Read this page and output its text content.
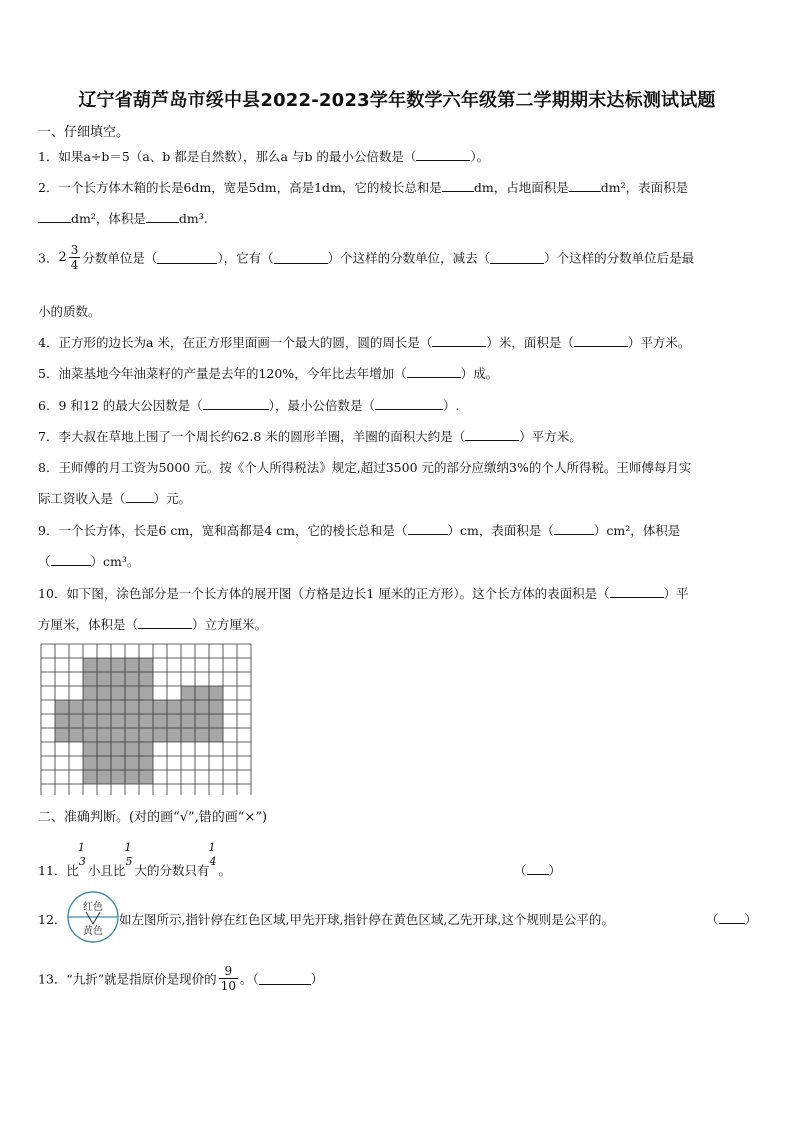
辽宁省葫芦岛市绥中县2022-2023学年数学六年级第二学期期末达标测试试题
一、仔细填空。
1．如果a÷b＝5（a、b 都是自然数），那么a 与b 的最小公倍数是（	）。
2．一个长方体木箱的长是6dm，宽是5dm，高是1dm，它的棱长总和是	dm，占地面积是	dm²，表面积是
dm²，体积是	dm³.
3．$2 \frac{3}{4}$ 分数单位是（	），它有（	）个这样的分数单位，减去（	）个这样的分数单位后是最
小的质数。
4．正方形的边长为a 米，在正方形里面画一个最大的圆，圆的周长是（	）米，面积是（	）平方米。
5．油菜基地今年油菜籽的产量是去年的120%，今年比去年增加（	）成。
6．9 和12 的最大公因数是（	），最小公倍数是（	）.
7．李大叔在草地上围了一个周长约62.8 米的圆形羊圈，羊圈的面积大约是（	）平方米。
8．王师傅的月工资为5000 元。按《个人所得税法》规定,超过3500 元的部分应缴纳3%的个人所得税。王师傅每月实
际工资收入是（ ）元。
9．一个长方体，长是6 cm，宽和高都是4 cm，它的棱长总和是（	）cm，表面积是（	）cm²，体积是
（	）cm³。
10．如下图，涂色部分是一个长方体的展开图（方格是边长1 厘米的正方形）。这个长方体的表面积是（	）平
方厘米，体积是（	）立方厘米。
二、准确判断。(对的画“√”,错的画“×”)
11．比
1
3
小且比
1
5
大的分数只有
1
4
。	（ ）
12．
红色
黄色
如左图所示,指针停在红色区域,甲先开球,指针停在黄色区域,乙先开球,这个规则是公平的。	（ ）
13．“九折”就是指原价是现价的 $\frac{9}{10}$ 。（	）
